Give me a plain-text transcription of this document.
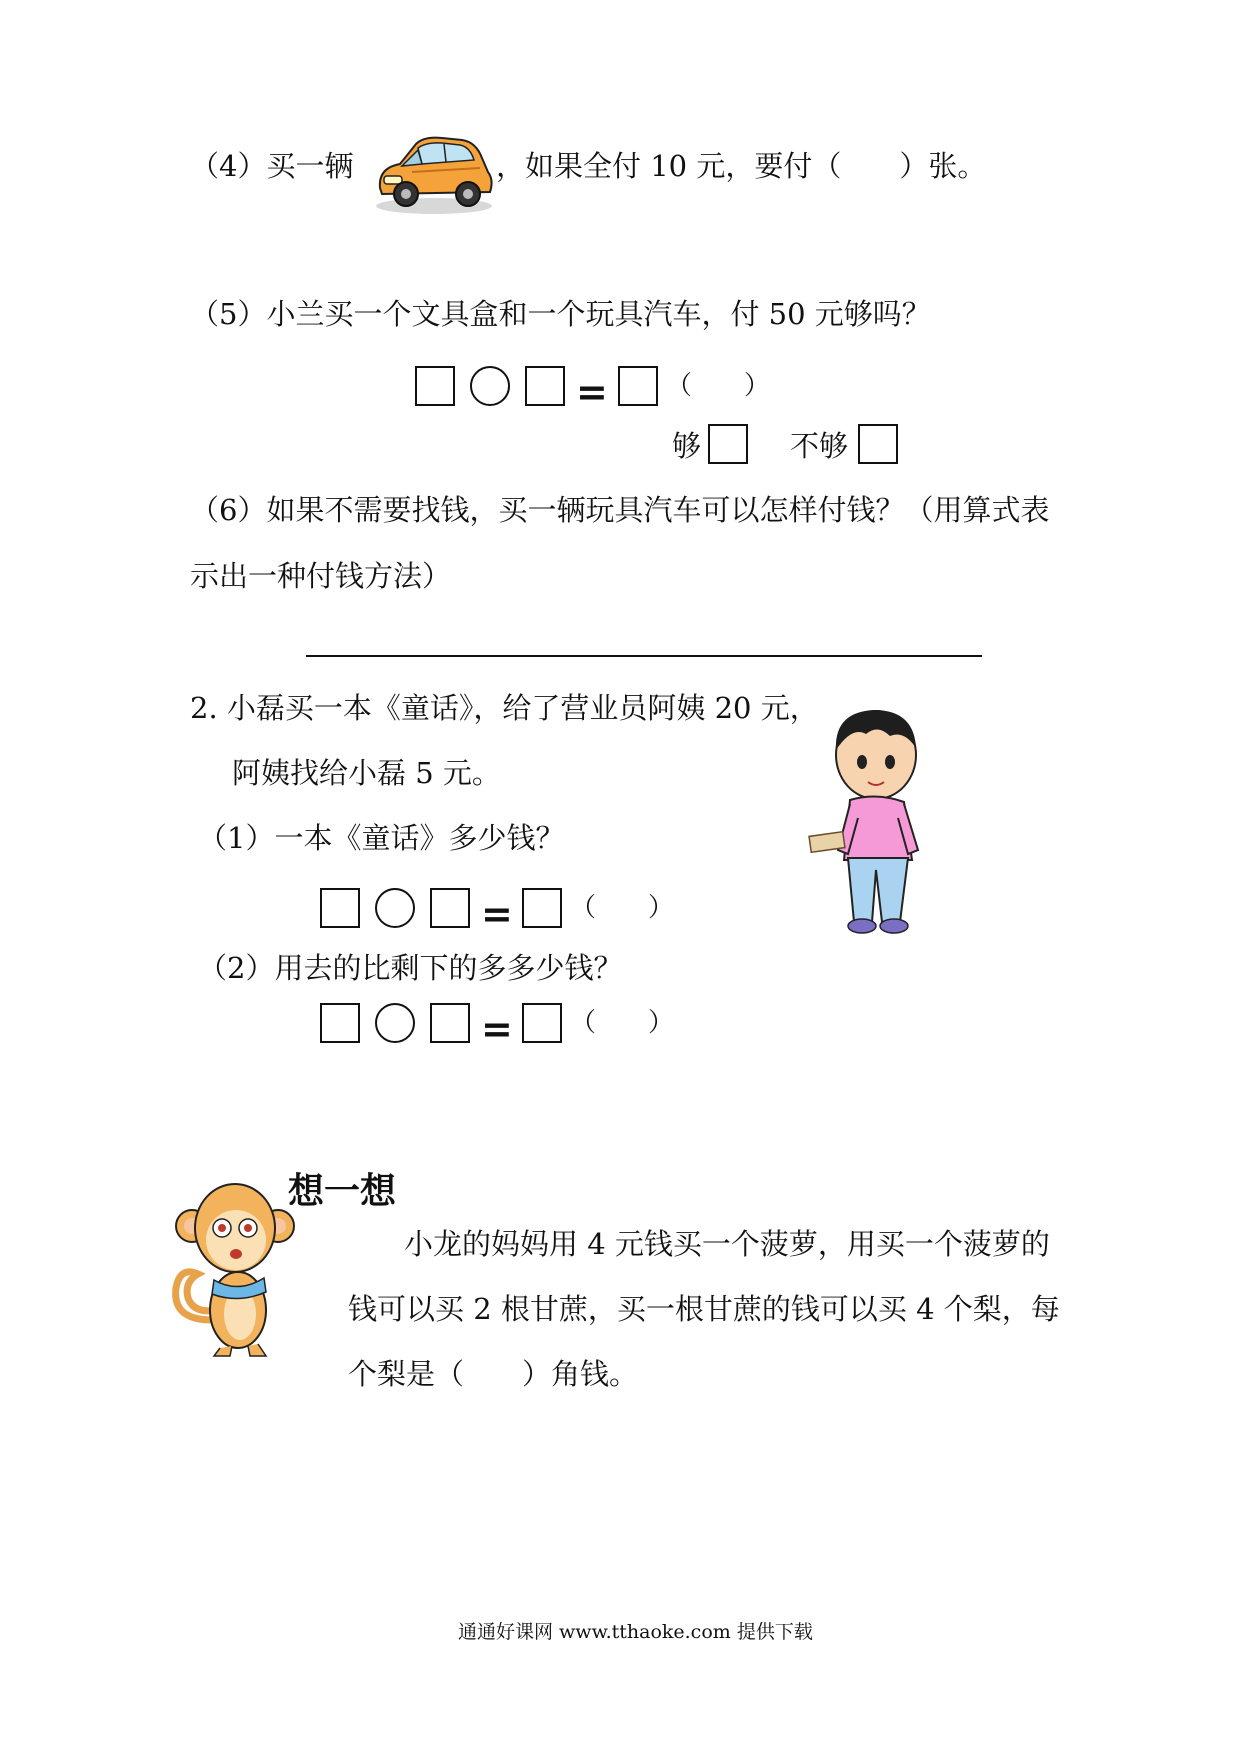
（4）买一辆	，如果全付 10 元，要付（　　）张。
（5）小兰买一个文具盒和一个玩具汽车，付 50 元够吗？
= （　　）
够	不够
（6）如果不需要找钱，买一辆玩具汽车可以怎样付钱？（用算式表
示出一种付钱方法）
2. 小磊买一本《童话》，给了营业员阿姨 20 元，
阿姨找给小磊 5 元。
（1）一本《童话》多少钱？
= （　　）
（2）用去的比剩下的多多少钱？
= （　　）
想一想
小龙的妈妈用 4 元钱买一个菠萝，用买一个菠萝的
钱可以买 2 根甘蔗，买一根甘蔗的钱可以买 4 个梨，每
个梨是（　　）角钱。
通通好课网 www.tthaoke.com 提供下载
